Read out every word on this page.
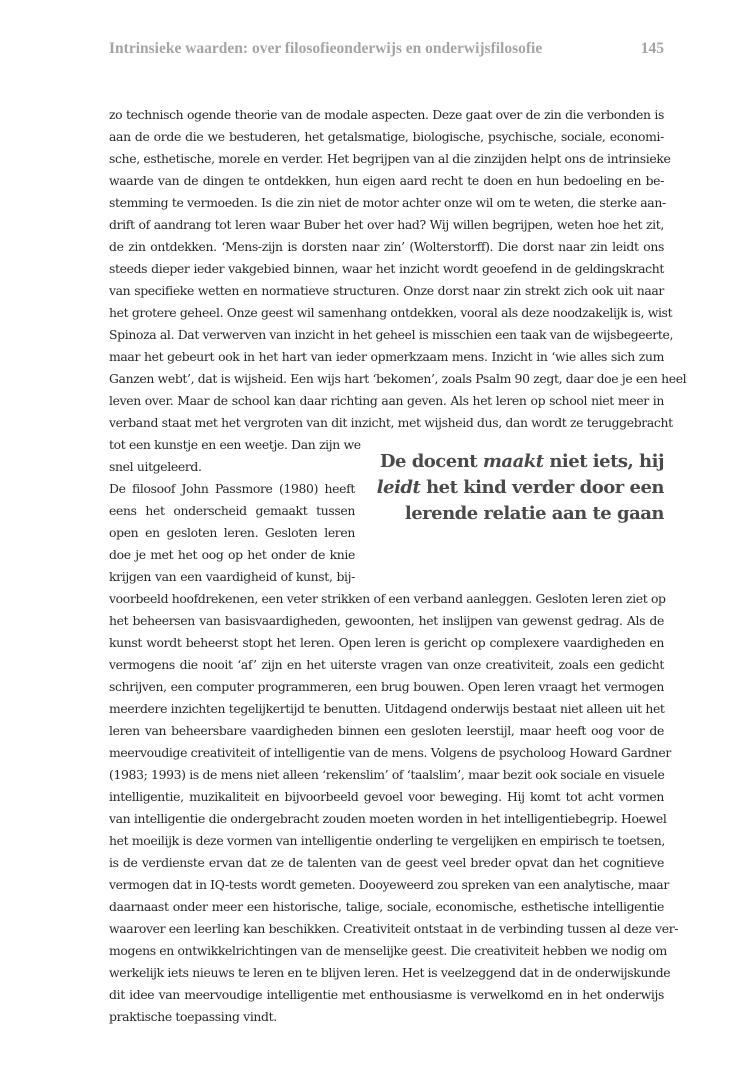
Intrinsieke waarden: over filosofieonderwijs en onderwijsfilosofie	145
zo technisch ogende theorie van de modale aspecten. Deze gaat over de zin die verbonden is
aan de orde die we bestuderen, het getalsmatige, biologische, psychische, sociale, economi-
sche, esthetische, morele en verder. Het begrijpen van al die zinzijden helpt ons de intrinsieke
waarde van de dingen te ontdekken, hun eigen aard recht te doen en hun bedoeling en be-
stemming te vermoeden. Is die zin niet de motor achter onze wil om te weten, die sterke aan-
drift of aandrang tot leren waar Buber het over had? Wij willen begrijpen, weten hoe het zit,
de zin ontdekken. ‘Mens-zijn is dorsten naar zin’ (Wolterstorff). Die dorst naar zin leidt ons
steeds dieper ieder vakgebied binnen, waar het inzicht wordt geoefend in de geldingskracht
van specifieke wetten en normatieve structuren. Onze dorst naar zin strekt zich ook uit naar
het grotere geheel. Onze geest wil samenhang ontdekken, vooral als deze noodzakelijk is, wist
Spinoza al. Dat verwerven van inzicht in het geheel is misschien een taak van de wijsbegeerte,
maar het gebeurt ook in het hart van ieder opmerkzaam mens. Inzicht in ‘wie alles sich zum
Ganzen webt’, dat is wijsheid. Een wijs hart ‘bekomen’, zoals Psalm 90 zegt, daar doe je een heel
leven over. Maar de school kan daar richting aan geven. Als het leren op school niet meer in
verband staat met het vergroten van dit inzicht, met wijsheid dus, dan wordt ze teruggebracht
tot een kunstje en een weetje. Dan zijn we
snel uitgeleerd.
De filosoof John Passmore (1980) heeft
eens het onderscheid gemaakt tussen
open en gesloten leren. Gesloten leren
doe je met het oog op het onder de knie
krijgen van een vaardigheid of kunst, bij-
voorbeeld hoofdrekenen, een veter strikken of een verband aanleggen. Gesloten leren ziet op
het beheersen van basisvaardigheden, gewoonten, het inslijpen van gewenst gedrag. Als de
kunst wordt beheerst stopt het leren. Open leren is gericht op complexere vaardigheden en
vermogens die nooit ‘af’ zijn en het uiterste vragen van onze creativiteit, zoals een gedicht
schrijven, een computer programmeren, een brug bouwen. Open leren vraagt het vermogen
meerdere inzichten tegelijkertijd te benutten. Uitdagend onderwijs bestaat niet alleen uit het
leren van beheersbare vaardigheden binnen een gesloten leerstijl, maar heeft oog voor de
meervoudige creativiteit of intelligentie van de mens. Volgens de psycholoog Howard Gardner
(1983; 1993) is de mens niet alleen ‘rekenslim’ of ‘taalslim’, maar bezit ook sociale en visuele
intelligentie, muzikaliteit en bijvoorbeeld gevoel voor beweging. Hij komt tot acht vormen
van intelligentie die ondergebracht zouden moeten worden in het intelligentiebegrip. Hoewel
het moeilijk is deze vormen van intelligentie onderling te vergelijken en empirisch te toetsen,
is de verdienste ervan dat ze de talenten van de geest veel breder opvat dan het cognitieve
vermogen dat in IQ-tests wordt gemeten. Dooyeweerd zou spreken van een analytische, maar
daarnaast onder meer een historische, talige, sociale, economische, esthetische intelligentie
waarover een leerling kan beschikken. Creativiteit ontstaat in de verbinding tussen al deze ver-
mogens en ontwikkelrichtingen van de menselijke geest. Die creativiteit hebben we nodig om
werkelijk iets nieuws te leren en te blijven leren. Het is veelzeggend dat in de onderwijskunde
dit idee van meervoudige intelligentie met enthousiasme is verwelkomd en in het onderwijs
praktische toepassing vindt.
De docent maakt niet iets, hij
leidt het kind verder door een
lerende relatie aan te gaan
